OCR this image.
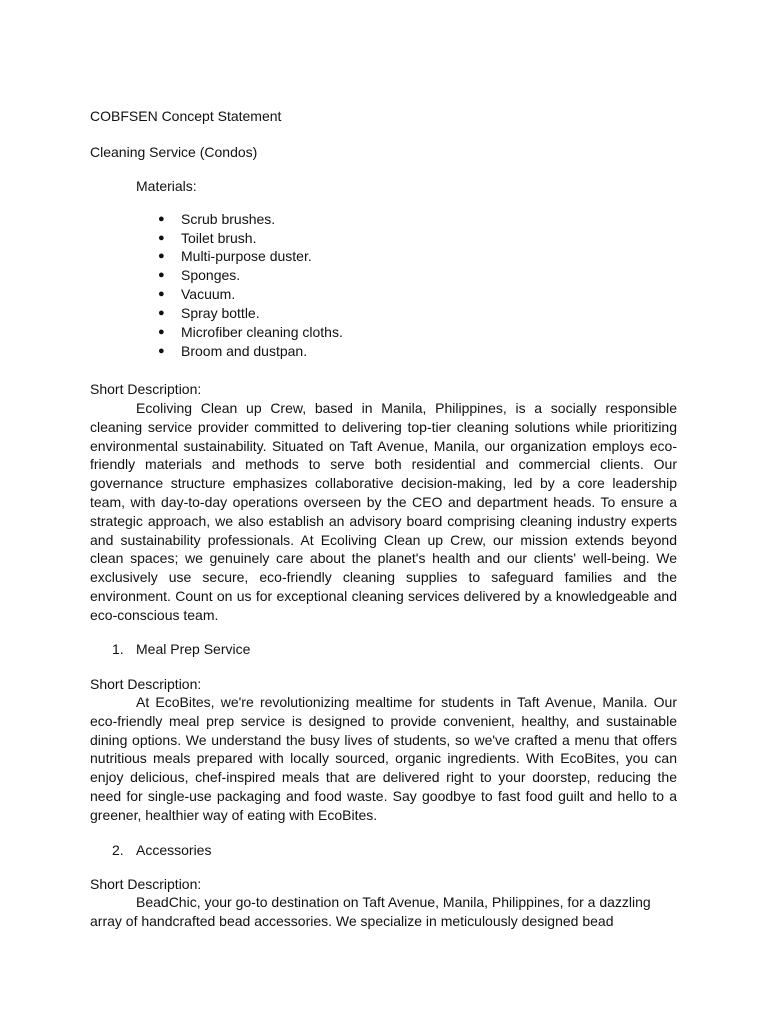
COBFSEN Concept Statement
Cleaning Service (Condos)
Materials:
● Scrub brushes.
● Toilet brush.
● Multi-purpose duster.
● Sponges.
● Vacuum.
● Spray bottle.
● Microfiber cleaning cloths.
● Broom and dustpan.
Short Description:

Ecoliving Clean up Crew, based in Manila, Philippines, is a socially responsible cleaning service provider committed to delivering top-tier cleaning solutions while prioritizing environmental sustainability. Situated on Taft Avenue, Manila, our organization employs eco-friendly materials and methods to serve both residential and commercial clients. Our governance structure emphasizes collaborative decision-making, led by a core leadership team, with day-to-day operations overseen by the CEO and department heads. To ensure a strategic approach, we also establish an advisory board comprising cleaning industry experts and sustainability professionals. At Ecoliving Clean up Crew, our mission extends beyond clean spaces; we genuinely care about the planet's health and our clients' well-being. We exclusively use secure, eco-friendly cleaning supplies to safeguard families and the environment. Count on us for exceptional cleaning services delivered by a knowledgeable and eco-conscious team.

1. Meal Prep Service
Short Description:

At EcoBites, we're revolutionizing mealtime for students in Taft Avenue, Manila. Our eco-friendly meal prep service is designed to provide convenient, healthy, and sustainable dining options. We understand the busy lives of students, so we've crafted a menu that offers nutritious meals prepared with locally sourced, organic ingredients. With EcoBites, you can enjoy delicious, chef-inspired meals that are delivered right to your doorstep, reducing the need for single-use packaging and food waste. Say goodbye to fast food guilt and hello to a greener, healthier way of eating with EcoBites.

2. Accessories
Short Description:

BeadChic, your go-to destination on Taft Avenue, Manila, Philippines, for a dazzling array of handcrafted bead accessories. We specialize in meticulously designed bead
